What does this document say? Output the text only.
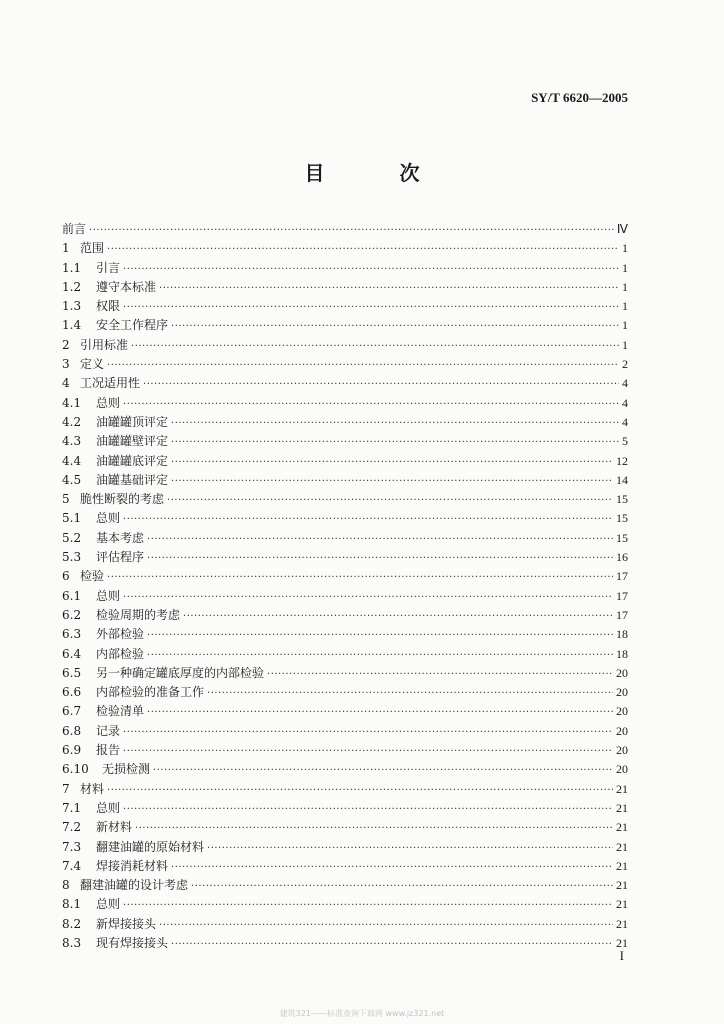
SY/T 6620—2005
目 次
前言 ·····	Ⅳ
1 范围 ·····	1
1.1	引言 ·····	1
1.2	遵守本标准 ·····	1
1.3	权限 ·····	1
1.4	安全工作程序 ·····	1
2 引用标准 ·····	1
3 定义 ·····	2
4 工况适用性 ·····	4
4.1	总则 ·····	4
4.2	油罐罐顶评定 ·····	4
4.3	油罐罐壁评定 ·····	5
4.4	油罐罐底评定 ·····	12
4.5	油罐基础评定 ·····	14
5 脆性断裂的考虑 ·····	15
5.1	总则 ·····	15
5.2	基本考虑 ·····	15
5.3	评估程序 ·····	16
6 检验 ·····	17
6.1	总则 ·····	17
6.2	检验周期的考虑 ·····	17
6.3	外部检验 ·····	18
6.4	内部检验 ·····	18
6.5	另一种确定罐底厚度的内部检验 ·····	20
6.6	内部检验的准备工作 ·····	20
6.7	检验清单 ·····	20
6.8	记录 ·····	20
6.9	报告 ·····	20
6.10	无损检测 ·····	20
7 材料 ·····	21
7.1	总则 ·····	21
7.2	新材料 ·····	21
7.3	翻建油罐的原始材料 ·····	21
7.4	焊接消耗材料 ·····	21
8 翻建油罐的设计考虑 ·····	21
8.1	总则 ·····	21
8.2	新焊接接头 ·····	21
8.3	现有焊接接头 ·····	21
I
建筑321——标准查询下载网 www.jz321.net
